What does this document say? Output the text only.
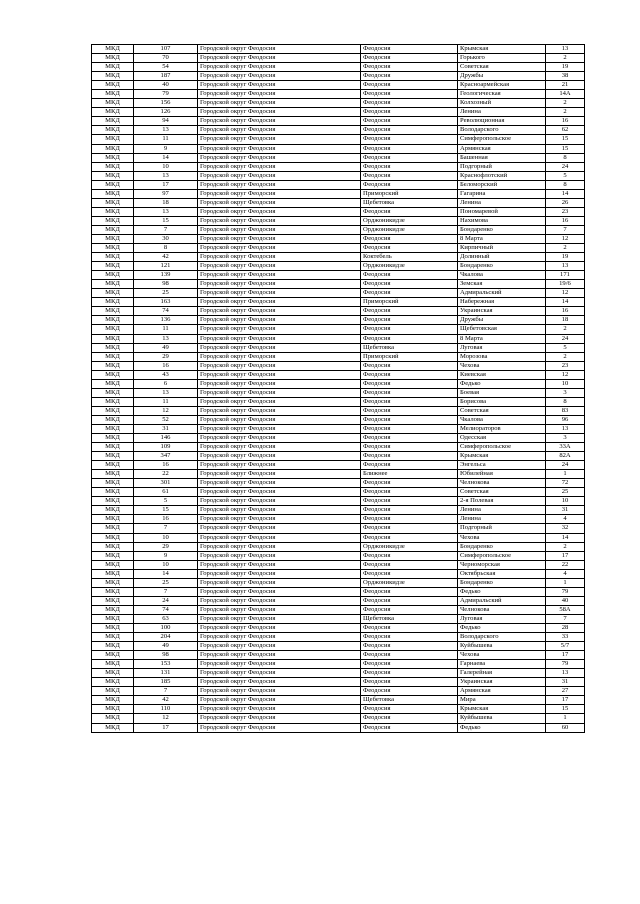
МКД	107	Городской округ Феодосия	Феодосия	Крымская	13
МКД	70	Городской округ Феодосия	Феодосия	Горького	2
МКД	54	Городской округ Феодосия	Феодосия	Советская	19
МКД	187	Городской округ Феодосия	Феодосия	Дружбы	38
МКД	40	Городской округ Феодосия	Феодосия	Красноармейская	21
МКД	79	Городской округ Феодосия	Феодосия	Геологическая	14А
МКД	156	Городской округ Феодосия	Феодосия	Колхозный	2
МКД	126	Городской округ Феодосия	Феодосия	Ленина	2
МКД	94	Городской округ Феодосия	Феодосия	Революционная	16
МКД	13	Городской округ Феодосия	Феодосия	Володарского	62
МКД	11	Городской округ Феодосия	Феодосия	Симферопольское	15
МКД	9	Городской округ Феодосия	Феодосия	Армянская	15
МКД	14	Городской округ Феодосия	Феодосия	Башенная	8
МКД	10	Городской округ Феодосия	Феодосия	Подгорный	24
МКД	13	Городской округ Феодосия	Феодосия	Краснофлотский	5
МКД	17	Городской округ Феодосия	Феодосия	Беломорский	8
МКД	97	Городской округ Феодосия	Приморский	Гагарина	14
МКД	18	Городской округ Феодосия	Щебетовка	Ленина	26
МКД	13	Городской округ Феодосия	Феодосия	Пономаревой	23
МКД	15	Городской округ Феодосия	Орджоникидзе	Нахимова	16
МКД	7	Городской округ Феодосия	Орджоникидзе	Бондаренко	7
МКД	30	Городской округ Феодосия	Феодосия	8 Марта	12
МКД	8	Городской округ Феодосия	Феодосия	Кирпичный	2
МКД	42	Городской округ Феодосия	Коктебель	Долинный	19
МКД	121	Городской округ Феодосия	Орджоникидзе	Бондаренко	13
МКД	139	Городской округ Феодосия	Феодосия	Чкалова	171
МКД	98	Городской округ Феодосия	Феодосия	Земская	19/6
МКД	25	Городской округ Феодосия	Феодосия	Адмиральский	12
МКД	163	Городской округ Феодосия	Приморский	Набережная	14
МКД	74	Городской округ Феодосия	Феодосия	Украинская	16
МКД	136	Городской округ Феодосия	Феодосия	Дружбы	18
МКД	11	Городской округ Феодосия	Феодосия	Щебетовская	2
МКД	13	Городской округ Феодосия	Феодосия	8 Марта	24
МКД	49	Городской округ Феодосия	Щебетовка	Луговая	5
МКД	29	Городской округ Феодосия	Приморский	Морозова	2
МКД	16	Городской округ Феодосия	Феодосия	Чехова	23
МКД	43	Городской округ Феодосия	Феодосия	Киевская	12
МКД	6	Городской округ Феодосия	Феодосия	Федько	10
МКД	13	Городской округ Феодосия	Феодосия	Боевая	3
МКД	11	Городской округ Феодосия	Феодосия	Борисова	8
МКД	12	Городской округ Феодосия	Феодосия	Советская	83
МКД	52	Городской округ Феодосия	Феодосия	Чкалова	96
МКД	31	Городской округ Феодосия	Феодосия	Мелиораторов	13
МКД	146	Городской округ Феодосия	Феодосия	Одесская	3
МКД	109	Городской округ Феодосия	Феодосия	Симферопольское	33А
МКД	347	Городской округ Феодосия	Феодосия	Крымская	82А
МКД	16	Городской округ Феодосия	Феодосия	Энгельса	24
МКД	22	Городской округ Феодосия	Ближнее	Юбилейная	1
МКД	301	Городской округ Феодосия	Феодосия	Челнокова	72
МКД	61	Городской округ Феодосия	Феодосия	Советская	25
МКД	5	Городской округ Феодосия	Феодосия	2-я Полевая	10
МКД	15	Городской округ Феодосия	Феодосия	Ленина	31
МКД	16	Городской округ Феодосия	Феодосия	Ленина	4
МКД	7	Городской округ Феодосия	Феодосия	Подгорный	32
МКД	10	Городской округ Феодосия	Феодосия	Чехова	14
МКД	29	Городской округ Феодосия	Орджоникидзе	Бондаренко	2
МКД	9	Городской округ Феодосия	Феодосия	Симферопольское	17
МКД	10	Городской округ Феодосия	Феодосия	Черноморская	22
МКД	14	Городской округ Феодосия	Феодосия	Октябрьская	4
МКД	25	Городской округ Феодосия	Орджоникидзе	Бондаренко	1
МКД	7	Городской округ Феодосия	Феодосия	Федько	79
МКД	24	Городской округ Феодосия	Феодосия	Адмиральский	40
МКД	74	Городской округ Феодосия	Феодосия	Челнокова	58А
МКД	63	Городской округ Феодосия	Щебетовка	Луговая	7
МКД	100	Городской округ Феодосия	Феодосия	Федько	28
МКД	204	Городской округ Феодосия	Феодосия	Володарского	33
МКД	49	Городской округ Феодосия	Феодосия	Куйбышева	5/7
МКД	98	Городской округ Феодосия	Феодосия	Чехова	17
МКД	153	Городской округ Феодосия	Феодосия	Гарнаева	79
МКД	131	Городской округ Феодосия	Феодосия	Галерейная	13
МКД	185	Городской округ Феодосия	Феодосия	Украинская	31
МКД	7	Городской округ Феодосия	Феодосия	Армянская	27
МКД	42	Городской округ Феодосия	Щебетовка	Мира	17
МКД	110	Городской округ Феодосия	Феодосия	Крымская	15
МКД	12	Городской округ Феодосия	Феодосия	Куйбышева	1
МКД	17	Городской округ Феодосия	Феодосия	Федько	60
